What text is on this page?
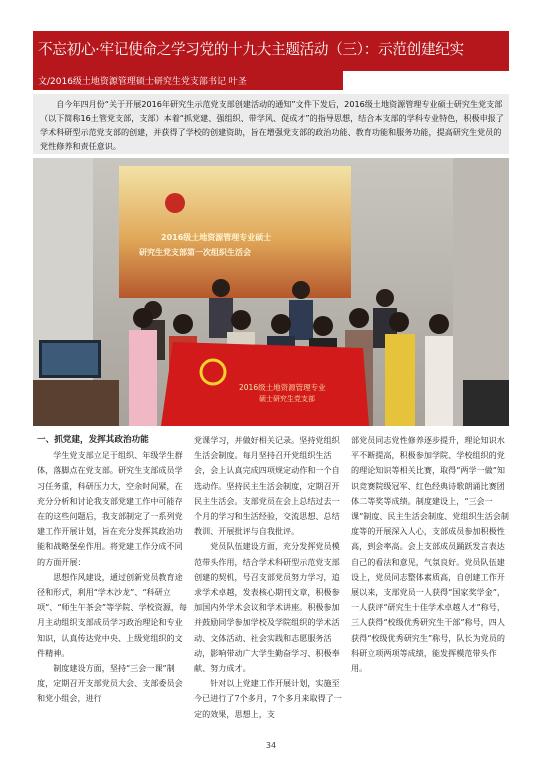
不忘初心·牢记使命之学习党的十九大主题活动（三）：示范创建纪实
文/2016级土地资源管理硕士研究生党支部书记 叶圣

自今年四月份“关于开展2016年研究生示范党支部创建活动的通知”文件下发后，2016级土地资源管理专业硕士研究生党支部（以下简称16土管党支部，支部）本着“抓党建、强组织、带学风、促成才”的指导思想，结合本支部的学科专业特色，积极申报了学术科研型示范党支部的创建，并获得了学校的创建资助，旨在增强党支部的政治功能、教育功能和服务功能，提高研究生党员的党性修养和责任意识。

2016级土地资源管理专业硕士
研究生党支部第一次组织生活会
2016级土地资源管理专业
硕士研究生党支部

一、抓党建，发挥其政治功能

学生党支部立足于组织、年级学生群体，落脚点在党支部。研究生支部成员学习任务重，科研压力大，空余时间紧，在充分分析和讨论我支部党建工作中可能存在的这些问题后，我支部制定了一系列党建工作开展计划，旨在充分发挥其政治功能和战略堡垒作用。将党建工作分成不同的方面开展：

思想作风建设，通过创新党员教育途径和形式，利用“学木沙龙”、“科研立项”、“师生午茶会”等学院、学校资源，每月主动组织支部成员学习政治理论和专业知识，认真传达党中央、上级党组织的文件精神。

制度建设方面，坚持“三会一课”制度，定期召开支部党员大会、支部委员会和党小组会，进行

党课学习，并做好相关记录。坚持党组织生活会制度。每月坚持召开党组织生活会，会上认真完成四项规定动作和一个自选动作。坚持民主生活会制度，定期召开民主生活会。支部党员在会上总结过去一个月的学习和生活经验，交流思想、总结教训、开展批评与自我批评。

党员队伍建设方面，充分发挥党员模范带头作用，结合学术科研型示范党支部创建的契机，号召支部党员努力学习，追求学术卓越，发表核心期刊文章，积极参加国内外学术会议和学术讲座。积极参加并鼓励同学参加学校及学院组织的学术活动、文体活动、社会实践和志愿服务活动，影响带动广大学生勤奋学习、积极奉献、努力成才。

针对以上党建工作开展计划，实施至今已进行了7个多月，7个多月来取得了一定的效果，思想上，支

部党员同志党性修养逐步提升，理论知识水平不断提高，积极参加学院、学校组织的党的理论知识等相关比赛，取得“两学一做”知识竞赛院级冠军、红色经典诗歌朗诵比赛团体二等奖等成绩。制度建设上，“三会一课”制度、民主生活会制度、党组织生活会制度等的开展深入人心，支部成员参加积极性高，到会率高。会上支部成员踊跃发言表达自己的看法和意见，气氛良好。党员队伍建设上，党员同志整体素质高，自创建工作开展以来，支部党员一人获得“国家奖学金”，一人获评“研究生十佳学术卓越人才”称号，三人获得“校级优秀研究生干部”称号，四人获得“校级优秀研究生”称号，队长为党员的科研立项两项等成绩，能发挥模范带头作用。

34
